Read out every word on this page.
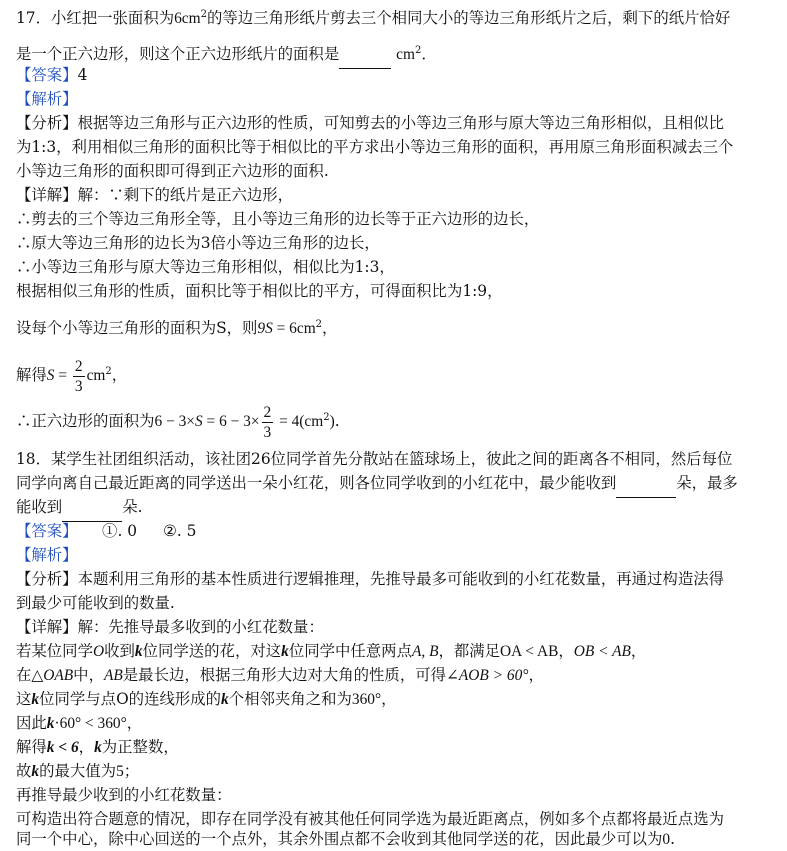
17．小红把一张面积为$6cm^2$的等边三角形纸片剪去三个相同大小的等边三角形纸片之后，剩下的纸片恰好
是一个正六边形，则这个正六边形纸片的面积是	$cm^2$．
【答案】4
【解析】
【分析】根据等边三角形与正六边形的性质，可知剪去的小等边三角形与原大等边三角形相似，且相似比
为1:3，利用相似三角形的面积比等于相似比的平方求出小等边三角形的面积，再用原三角形面积减去三个
小等边三角形的面积即可得到正六边形的面积.
【详解】解：∵剩下的纸片是正六边形，
∴剪去的三个等边三角形全等，且小等边三角形的边长等于正六边形的边长，
∴原大等边三角形的边长为3倍小等边三角形的边长，
∴小等边三角形与原大等边三角形相似，相似比为1:3，
根据相似三角形的性质，面积比等于相似比的平方，可得面积比为1:9，
设每个小等边三角形的面积为S，则$9S = 6cm^2$，
解得$S = \frac{2}{3} cm^2$，
∴正六边形的面积为$6 - 3\times S = 6 - 3\times \frac{2}{3} = 4(cm^2)$.
18．某学生社团组织活动，该社团26位同学首先分散站在篮球场上，彼此之间的距离各不相同，然后每位
同学向离自己最近距离的同学送出一朵小红花，则各位同学收到的小红花中，最少能收到	朵，最多
能收到	朵.
【答案】 ①. 0 ②. 5
【解析】
【分析】本题利用三角形的基本性质进行逻辑推理，先推导最多可能收到的小红花数量，再通过构造法得
到最少可能收到的数量.
【详解】解：先推导最多收到的小红花数量：
若某位同学O收到k位同学送的花，对这k位同学中任意两点A, B，都满足OA < AB，OB < AB，
在△OAB中，AB是最长边，根据三角形大边对大角的性质，可得∠AOB > 60°，
这k位同学与点O的连线形成的k个相邻夹角之和为360°，
因此k·60° < 360°，
解得k < 6，k为正整数，
故k的最大值为5；
再推导最少收到的小红花数量：
可构造出符合题意的情况，即存在同学没有被其他任何同学选为最近距离点，例如多个点都将最近点选为
同一个中心，除中心回送的一个点外，其余外围点都不会收到其他同学送的花，因此最少可以为0.
